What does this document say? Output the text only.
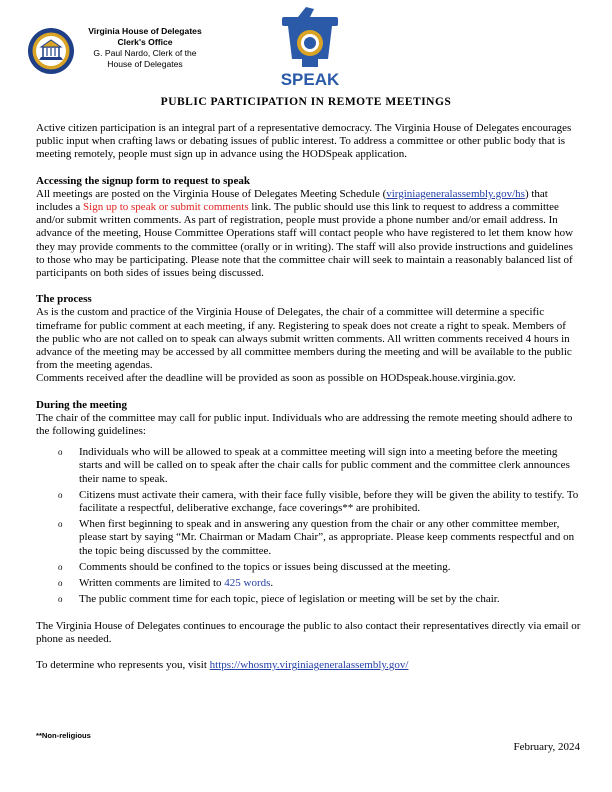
Virginia House of Delegates
Clerk's Office
G. Paul Nardo, Clerk of the
House of Delegates
SPEAK
PUBLIC PARTICIPATION IN REMOTE MEETINGS

Active citizen participation is an integral part of a representative democracy. The Virginia House of Delegates encourages public input when crafting laws or debating issues of public interest. To address a committee or other public body that is meeting remotely, people must sign up in advance using the HODSpeak application.

Accessing the signup form to request to speak

All meetings are posted on the Virginia House of Delegates Meeting Schedule (virginiageneralassembly.gov/hs) that includes a Sign up to speak or submit comments link. The public should use this link to request to address a committee and/or submit written comments. As part of registration, people must provide a phone number and/or email address. In advance of the meeting, House Committee Operations staff will contact people who have registered to let them know how they may provide comments to the committee (orally or in writing). The staff will also provide instructions and guidelines to those who may be participating. Please note that the committee chair will seek to maintain a reasonably balanced list of participants on both sides of issues being discussed.

The process

As is the custom and practice of the Virginia House of Delegates, the chair of a committee will determine a specific timeframe for public comment at each meeting, if any. Registering to speak does not create a right to speak. Members of the public who are not called on to speak can always submit written comments. All written comments received 4 hours in advance of the meeting may be accessed by all committee members during the meeting and will be available to the public from the meeting agendas.

Comments received after the deadline will be provided as soon as possible on HODspeak.house.virginia.gov.

During the meeting

The chair of the committee may call for public input. Individuals who are addressing the remote meeting should adhere to the following guidelines:

o Individuals who will be allowed to speak at a committee meeting will sign into a meeting before the meeting starts and will be called on to speak after the chair calls for public comment and the committee clerk announces their name to speak.
o Citizens must activate their camera, with their face fully visible, before they will be given the ability to testify. To facilitate a respectful, deliberative exchange, face coverings** are prohibited.
o When first beginning to speak and in answering any question from the chair or any other committee member, please start by saying “Mr. Chairman or Madam Chair”, as appropriate. Please keep comments respectful and on the topic being discussed by the committee.
o Comments should be confined to the topics or issues being discussed at the meeting.
o Written comments are limited to 425 words.
o The public comment time for each topic, piece of legislation or meeting will be set by the chair.

The Virginia House of Delegates continues to encourage the public to also contact their representatives directly via email or phone as needed.

To determine who represents you, visit https://whosmy.virginiageneralassembly.gov/

**Non-religious
February, 2024
